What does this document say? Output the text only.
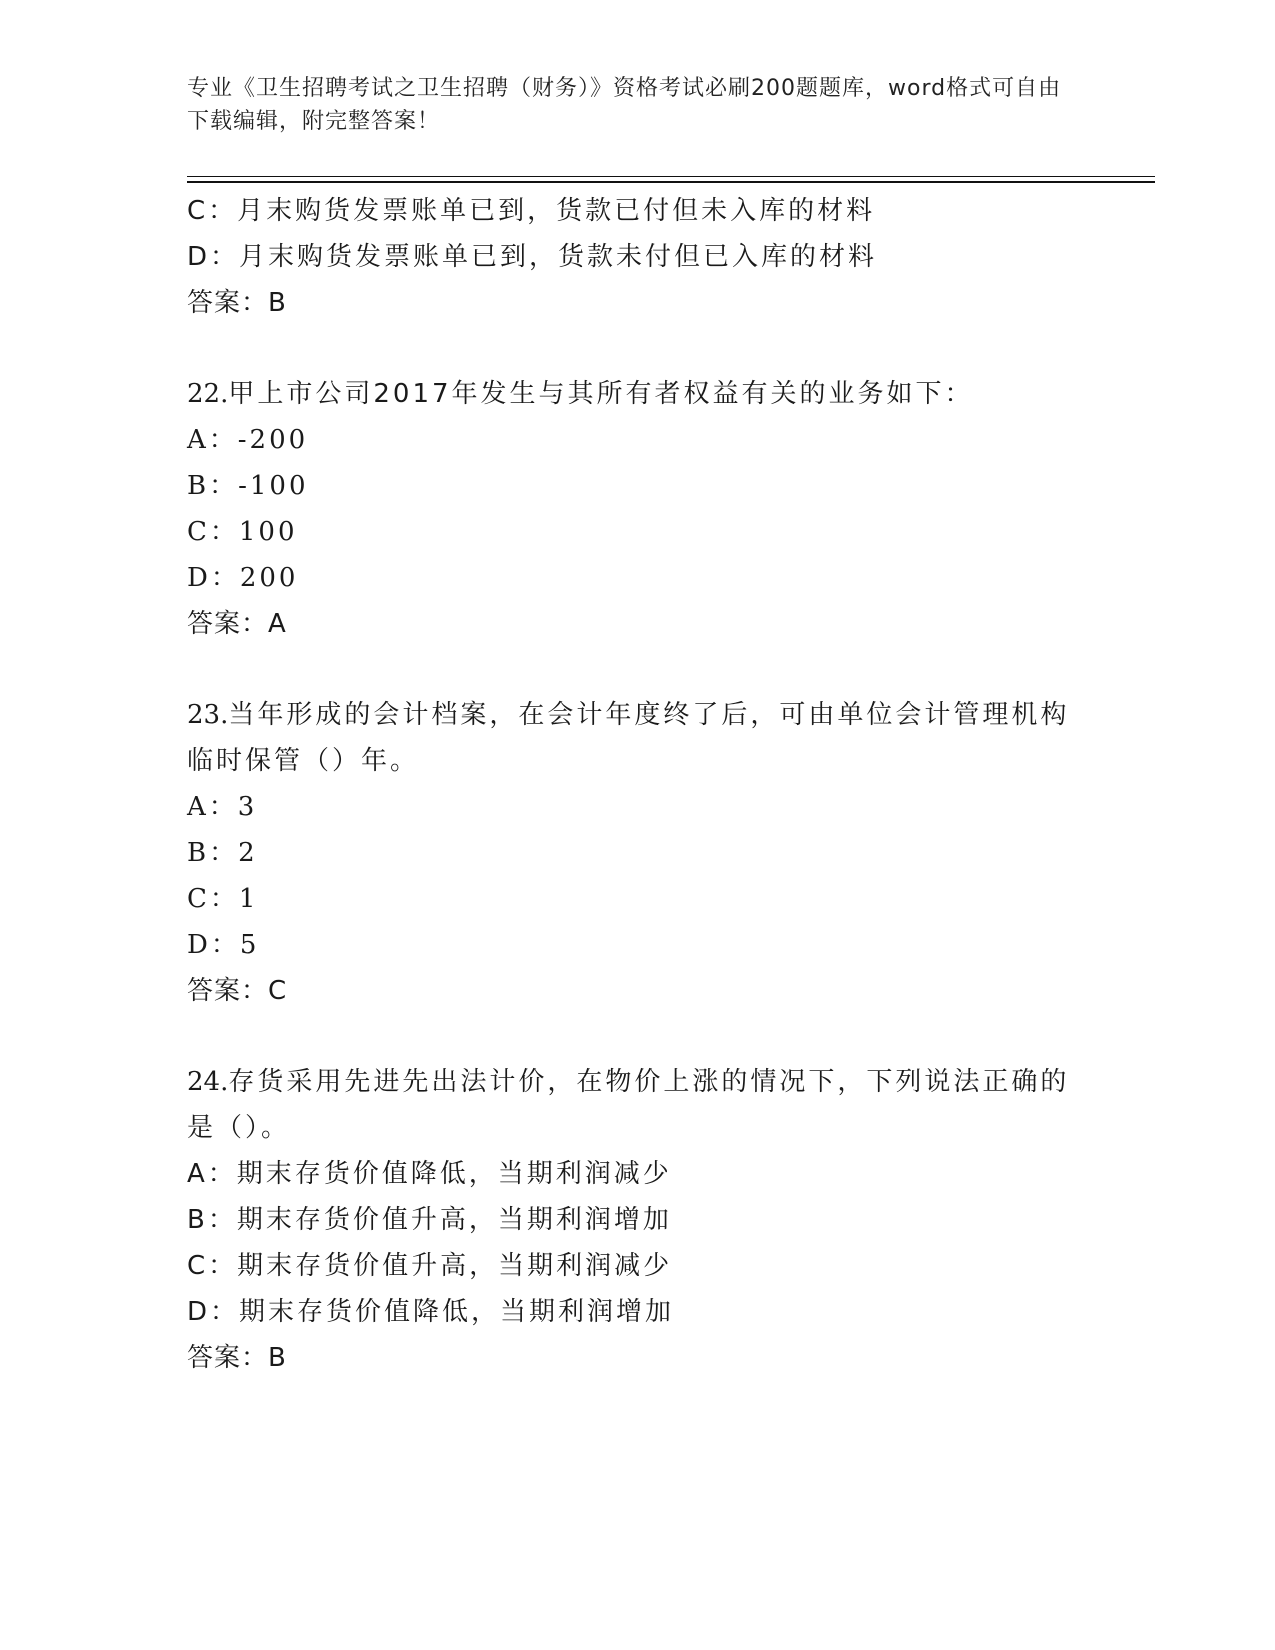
专业《卫生招聘考试之卫生招聘（财务）》资格考试必刷200题题库，word格式可自由下载编辑，附完整答案！
C：月末购货发票账单已到，货款已付但未入库的材料
D：月末购货发票账单已到，货款未付但已入库的材料
答案：B
22.甲上市公司2017年发生与其所有者权益有关的业务如下：
A：-200
B：-100
C：100
D：200
答案：A
23.当年形成的会计档案，在会计年度终了后，可由单位会计管理机构临时保管（）年。
A：3
B：2
C：1
D：5
答案：C
24.存货采用先进先出法计价，在物价上涨的情况下，下列说法正确的是（）。
A：期末存货价值降低，当期利润减少
B：期末存货价值升高，当期利润增加
C：期末存货价值升高，当期利润减少
D：期末存货价值降低，当期利润增加
答案：B
